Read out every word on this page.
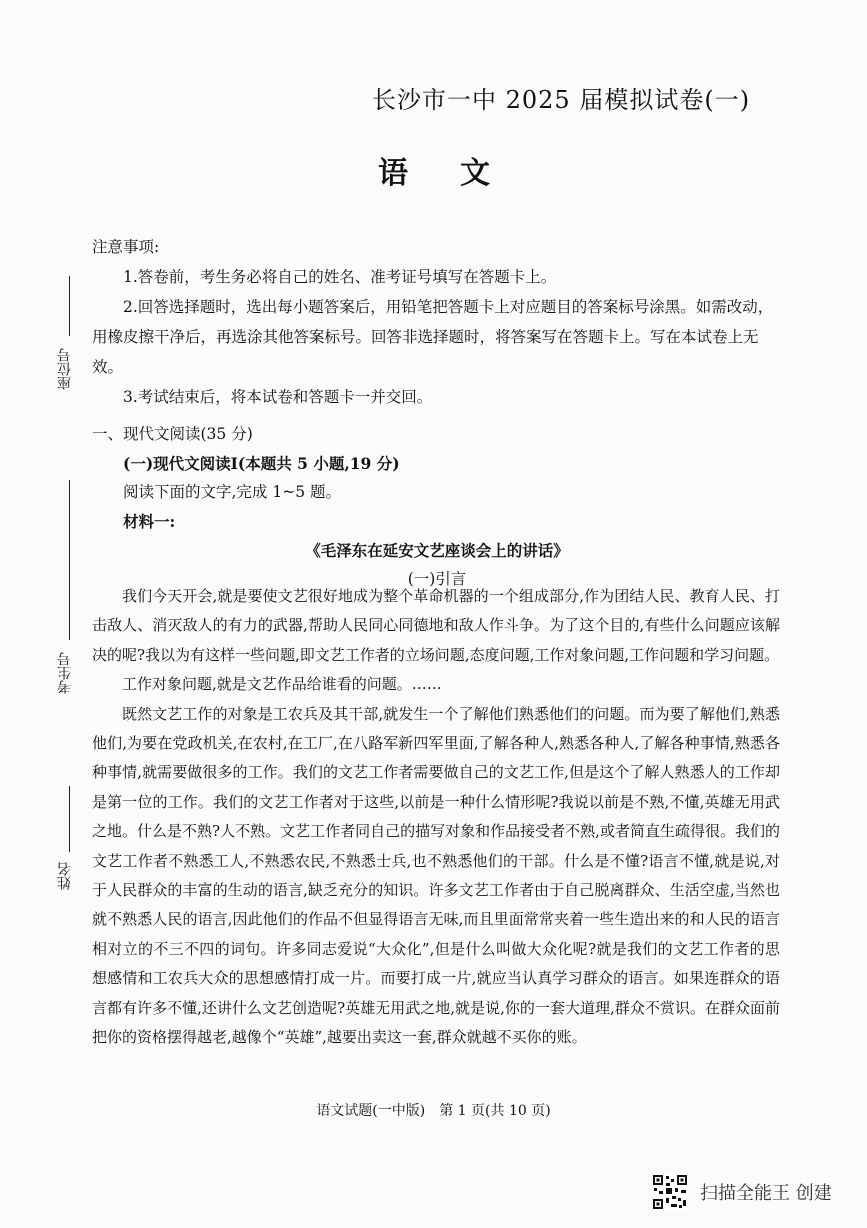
长沙市一中 2025 届模拟试卷(一)
语 文

注意事项:

1.答卷前，考生务必将自己的姓名、准考证号填写在答题卡上。

2.回答选择题时，选出每小题答案后，用铅笔把答题卡上对应题目的答案标号涂黑。如需改动，用橡皮擦干净后，再选涂其他答案标号。回答非选择题时，将答案写在答题卡上。写在本试卷上无效。

3.考试结束后，将本试卷和答题卡一并交回。

一、现代文阅读(35 分)

(一)现代文阅读Ⅰ(本题共 5 小题,19 分)

阅读下面的文字,完成 1~5 题。

材料一:

《毛泽东在延安文艺座谈会上的讲话》

(一)引言

我们今天开会,就是要使文艺很好地成为整个革命机器的一个组成部分,作为团结人民、教育人民、打击敌人、消灭敌人的有力的武器,帮助人民同心同德地和敌人作斗争。为了这个目的,有些什么问题应该解决的呢?我以为有这样一些问题,即文艺工作者的立场问题,态度问题,工作对象问题,工作问题和学习问题。

工作对象问题,就是文艺作品给谁看的问题。……

既然文艺工作的对象是工农兵及其干部,就发生一个了解他们熟悉他们的问题。而为要了解他们,熟悉他们,为要在党政机关,在农村,在工厂,在八路军新四军里面,了解各种人,熟悉各种人,了解各种事情,熟悉各种事情,就需要做很多的工作。我们的文艺工作者需要做自己的文艺工作,但是这个了解人熟悉人的工作却是第一位的工作。我们的文艺工作者对于这些,以前是一种什么情形呢?我说以前是不熟,不懂,英雄无用武之地。什么是不熟?人不熟。文艺工作者同自己的描写对象和作品接受者不熟,或者简直生疏得很。我们的文艺工作者不熟悉工人,不熟悉农民,不熟悉士兵,也不熟悉他们的干部。什么是不懂?语言不懂,就是说,对于人民群众的丰富的生动的语言,缺乏充分的知识。许多文艺工作者由于自己脱离群众、生活空虚,当然也就不熟悉人民的语言,因此他们的作品不但显得语言无味,而且里面常常夹着一些生造出来的和人民的语言相对立的不三不四的词句。许多同志爱说“大众化”,但是什么叫做大众化呢?就是我们的文艺工作者的思想感情和工农兵大众的思想感情打成一片。而要打成一片,就应当认真学习群众的语言。如果连群众的语言都有许多不懂,还讲什么文艺创造呢?英雄无用武之地,就是说,你的一套大道理,群众不赏识。在群众面前把你的资格摆得越老,越像个“英雄”,越要出卖这一套,群众就越不买你的账。

座位号
考生号
姓名
语文试题(一中版)　第 1 页(共 10 页)
扫描全能王 创建
